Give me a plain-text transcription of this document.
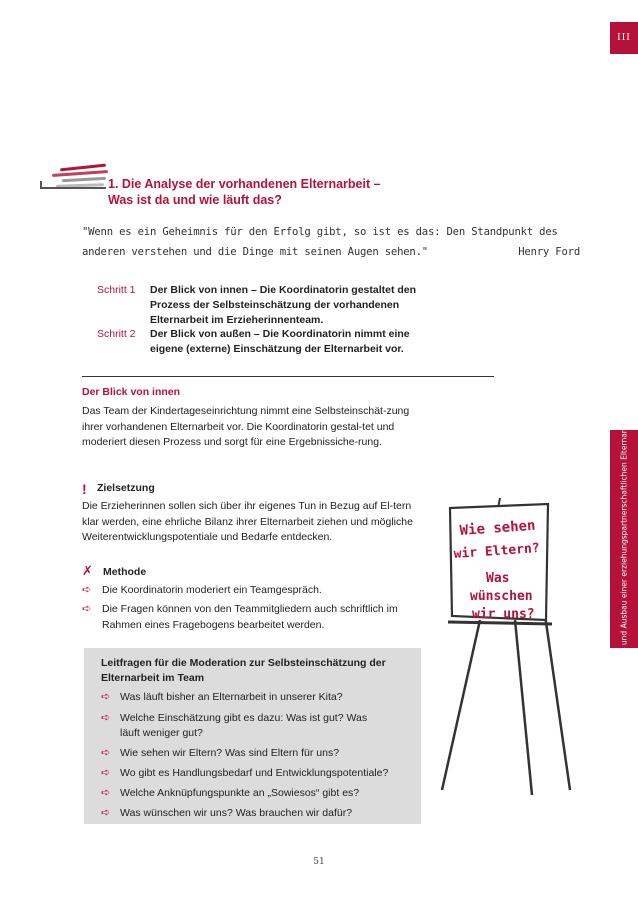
III
Auf- und Ausbau einer erziehungspartnerschaftlichen Elternarbeit
1. Die Analyse der vorhandenen Elternarbeit –
Was ist da und wie läuft das?
"Wenn es ein Geheimnis für den Erfolg gibt, so ist es das: Den Standpunkt des
anderen verstehen und die Dinge mit seinen Augen sehen."	Henry Ford
Schritt 1 Der Blick von innen – Die Koordinatorin gestaltet den Prozess der Selbsteinschätzung der vorhandenen Elternarbeit im Erzieherinnenteam.
Schritt 2 Der Blick von außen – Die Koordinatorin nimmt eine eigene (externe) Einschätzung der Elternarbeit vor.
Der Blick von innen
Das Team der Kindertageseinrichtung nimmt eine Selbsteinschät-zung ihrer vorhandenen Elternarbeit vor. Die Koordinatorin gestal-tet und moderiert diesen Prozess und sorgt für eine Ergebnissiche-rung.
! Zielsetzung
Die Erzieherinnen sollen sich über ihr eigenes Tun in Bezug auf El-tern klar werden, eine ehrliche Bilanz ihrer Elternarbeit ziehen und mögliche Weiterentwicklungspotentiale und Bedarfe entdecken.
✗ Methode
➪ Die Koordinatorin moderiert ein Teamgespräch.
➪ Die Fragen können von den Teammitgliedern auch schriftlich im Rahmen eines Fragebogens bearbeitet werden.
Leitfragen für die Moderation zur Selbsteinschätzung der Elternarbeit im Team
➪ Was läuft bisher an Elternarbeit in unserer Kita?
➪ Welche Einschätzung gibt es dazu: Was ist gut? Was läuft weniger gut?
➪ Wie sehen wir Eltern? Was sind Eltern für uns?
➪ Wo gibt es Handlungsbedarf und Entwicklungspotentiale?
➪ Welche Anknüpfungspunkte an „Sowiesos“ gibt es?
➪ Was wünschen wir uns? Was brauchen wir dafür?
Wie sehen
wir Eltern?
Was
wünschen
wir uns?
51
